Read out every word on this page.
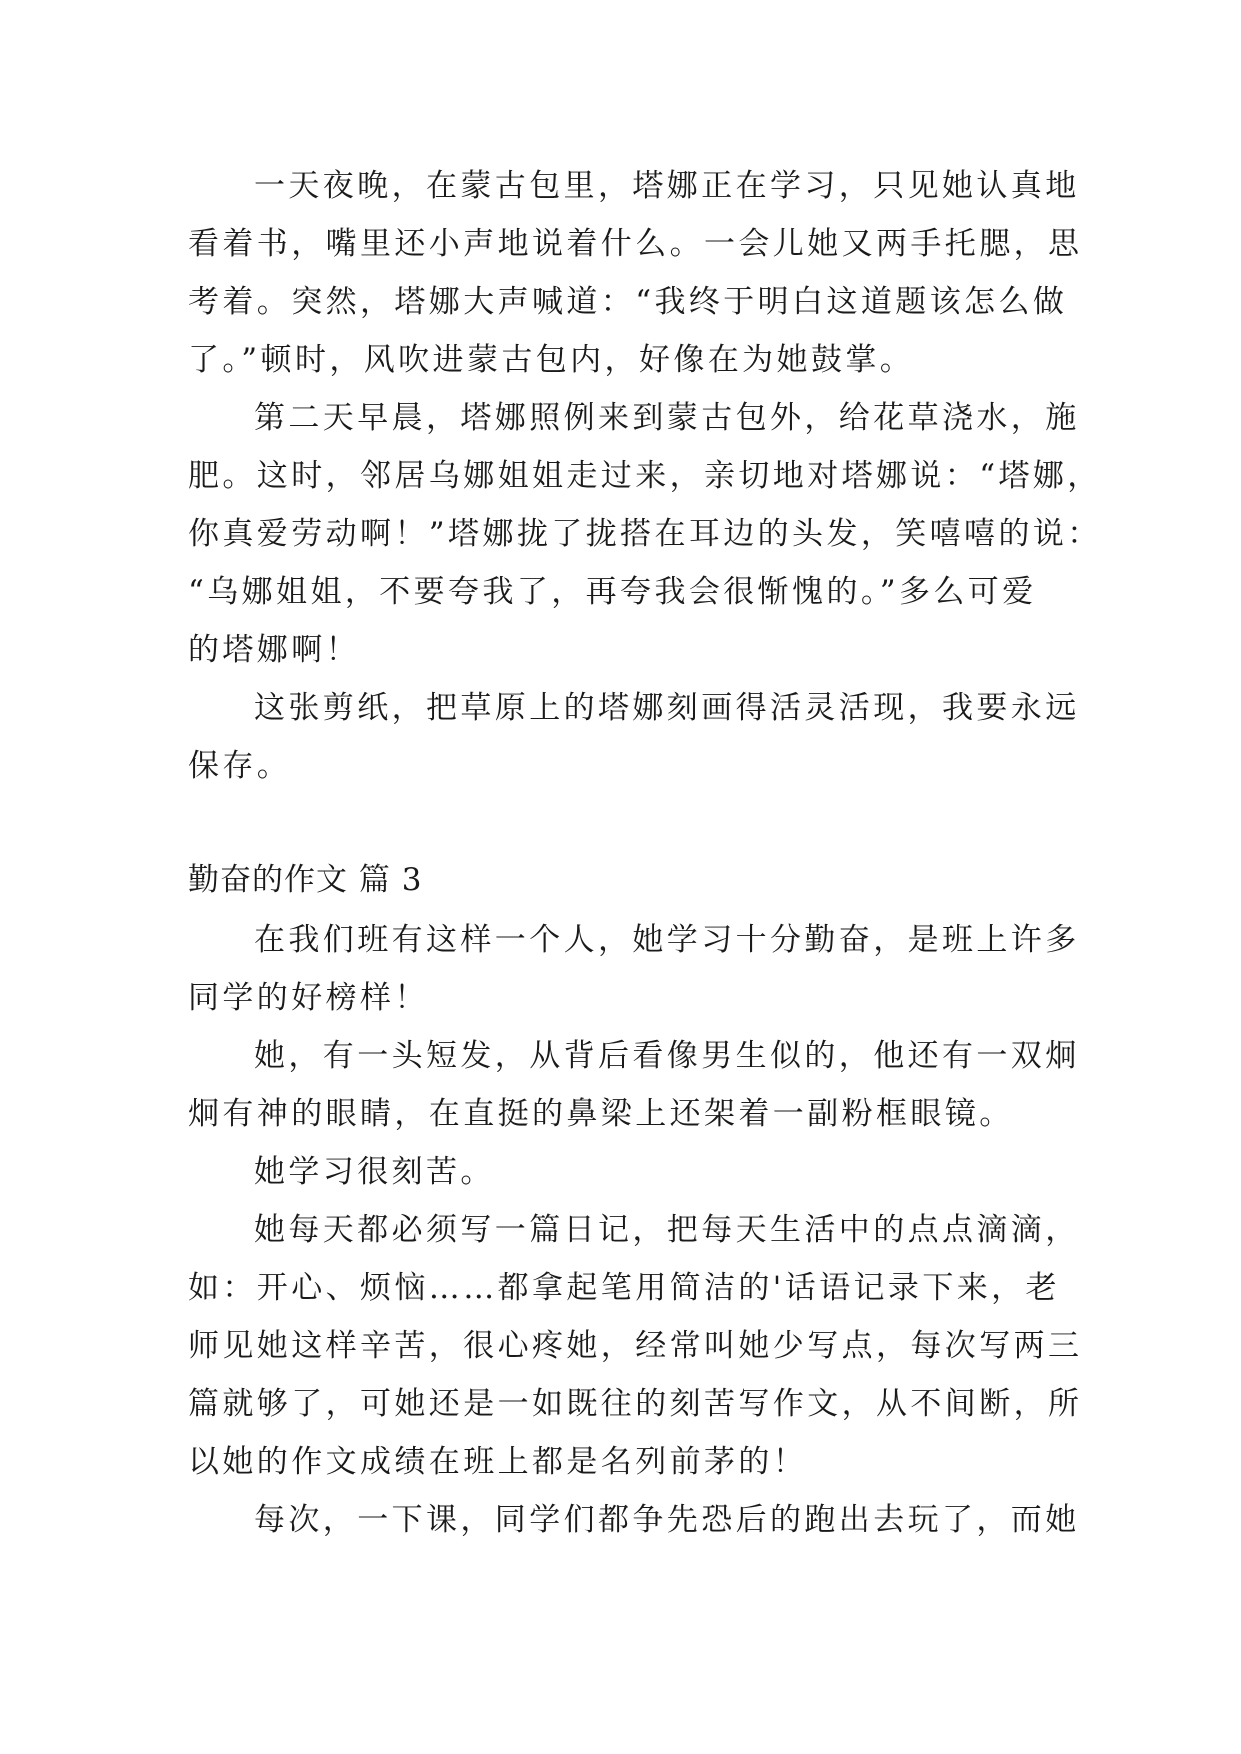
一天夜晚，在蒙古包里，塔娜正在学习，只见她认真地
看着书，嘴里还小声地说着什么。一会儿她又两手托腮，思
考着。突然，塔娜大声喊道：“我终于明白这道题该怎么做
了。”顿时，风吹进蒙古包内，好像在为她鼓掌。
第二天早晨，塔娜照例来到蒙古包外，给花草浇水，施
肥。这时，邻居乌娜姐姐走过来，亲切地对塔娜说：“塔娜，
你真爱劳动啊！”塔娜拢了拢搭在耳边的头发，笑嘻嘻的说：
“乌娜姐姐，不要夸我了，再夸我会很惭愧的。”多么可爱
的塔娜啊！
这张剪纸，把草原上的塔娜刻画得活灵活现，我要永远
保存。
勤奋的作文 篇 3
在我们班有这样一个人，她学习十分勤奋，是班上许多
同学的好榜样！
她，有一头短发，从背后看像男生似的，他还有一双炯
炯有神的眼睛，在直挺的鼻梁上还架着一副粉框眼镜。
她学习很刻苦。
她每天都必须写一篇日记，把每天生活中的点点滴滴，
如：开心、烦恼……都拿起笔用简洁的'话语记录下来，老
师见她这样辛苦，很心疼她，经常叫她少写点，每次写两三
篇就够了，可她还是一如既往的刻苦写作文，从不间断，所
以她的作文成绩在班上都是名列前茅的！
每次，一下课，同学们都争先恐后的跑出去玩了，而她
